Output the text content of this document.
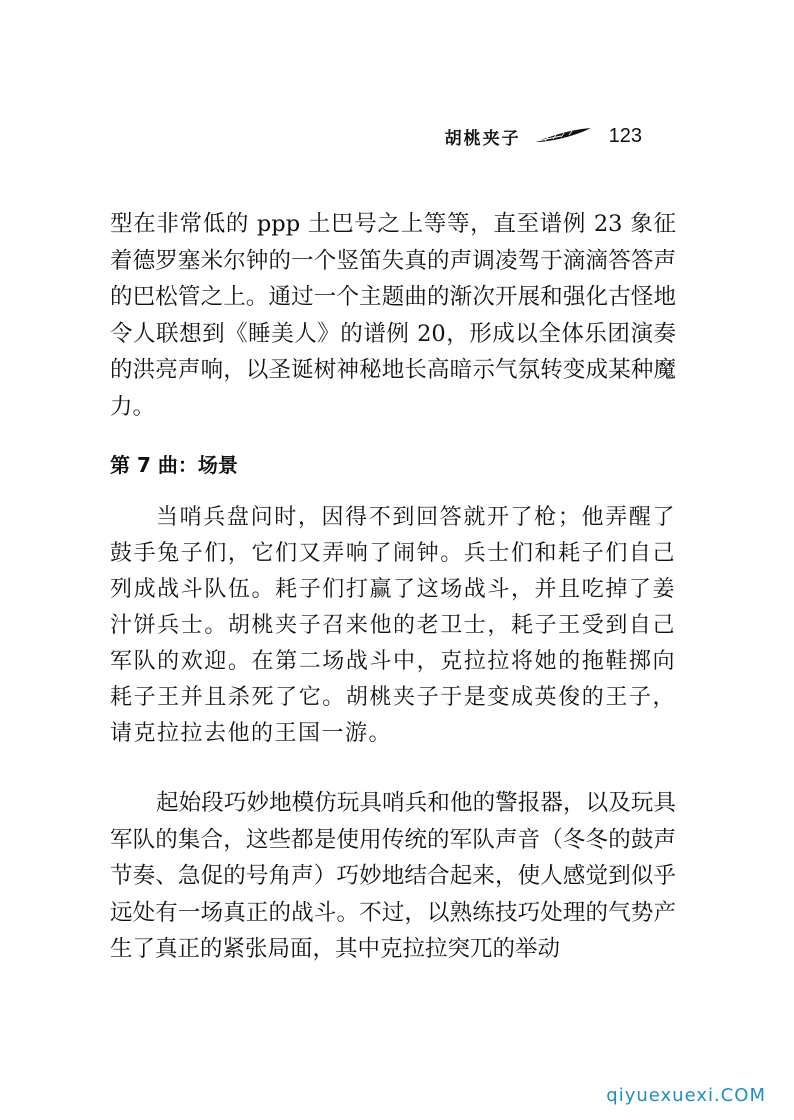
胡桃夹子	123

型在非常低的 ppp 土巴号之上等等，直至谱例 23 象征着德罗塞米尔钟的一个竖笛失真的声调凌驾于滴滴答答声的巴松管之上。通过一个主题曲的渐次开展和强化古怪地令人联想到《睡美人》的谱例 20，形成以全体乐团演奏的洪亮声响，以圣诞树神秘地长高暗示气氛转变成某种魔力。

第 7 曲：场景

当哨兵盘问时，因得不到回答就开了枪；他弄醒了鼓手兔子们，它们又弄响了闹钟。兵士们和耗子们自己列成战斗队伍。耗子们打赢了这场战斗，并且吃掉了姜汁饼兵士。胡桃夹子召来他的老卫士，耗子王受到自己军队的欢迎。在第二场战斗中，克拉拉将她的拖鞋掷向耗子王并且杀死了它。胡桃夹子于是变成英俊的王子，请克拉拉去他的王国一游。

起始段巧妙地模仿玩具哨兵和他的警报器，以及玩具军队的集合，这些都是使用传统的军队声音（冬冬的鼓声节奏、急促的号角声）巧妙地结合起来，使人感觉到似乎远处有一场真正的战斗。不过，以熟练技巧处理的气势产生了真正的紧张局面，其中克拉拉突兀的举动

qiyuexuexi.COM
